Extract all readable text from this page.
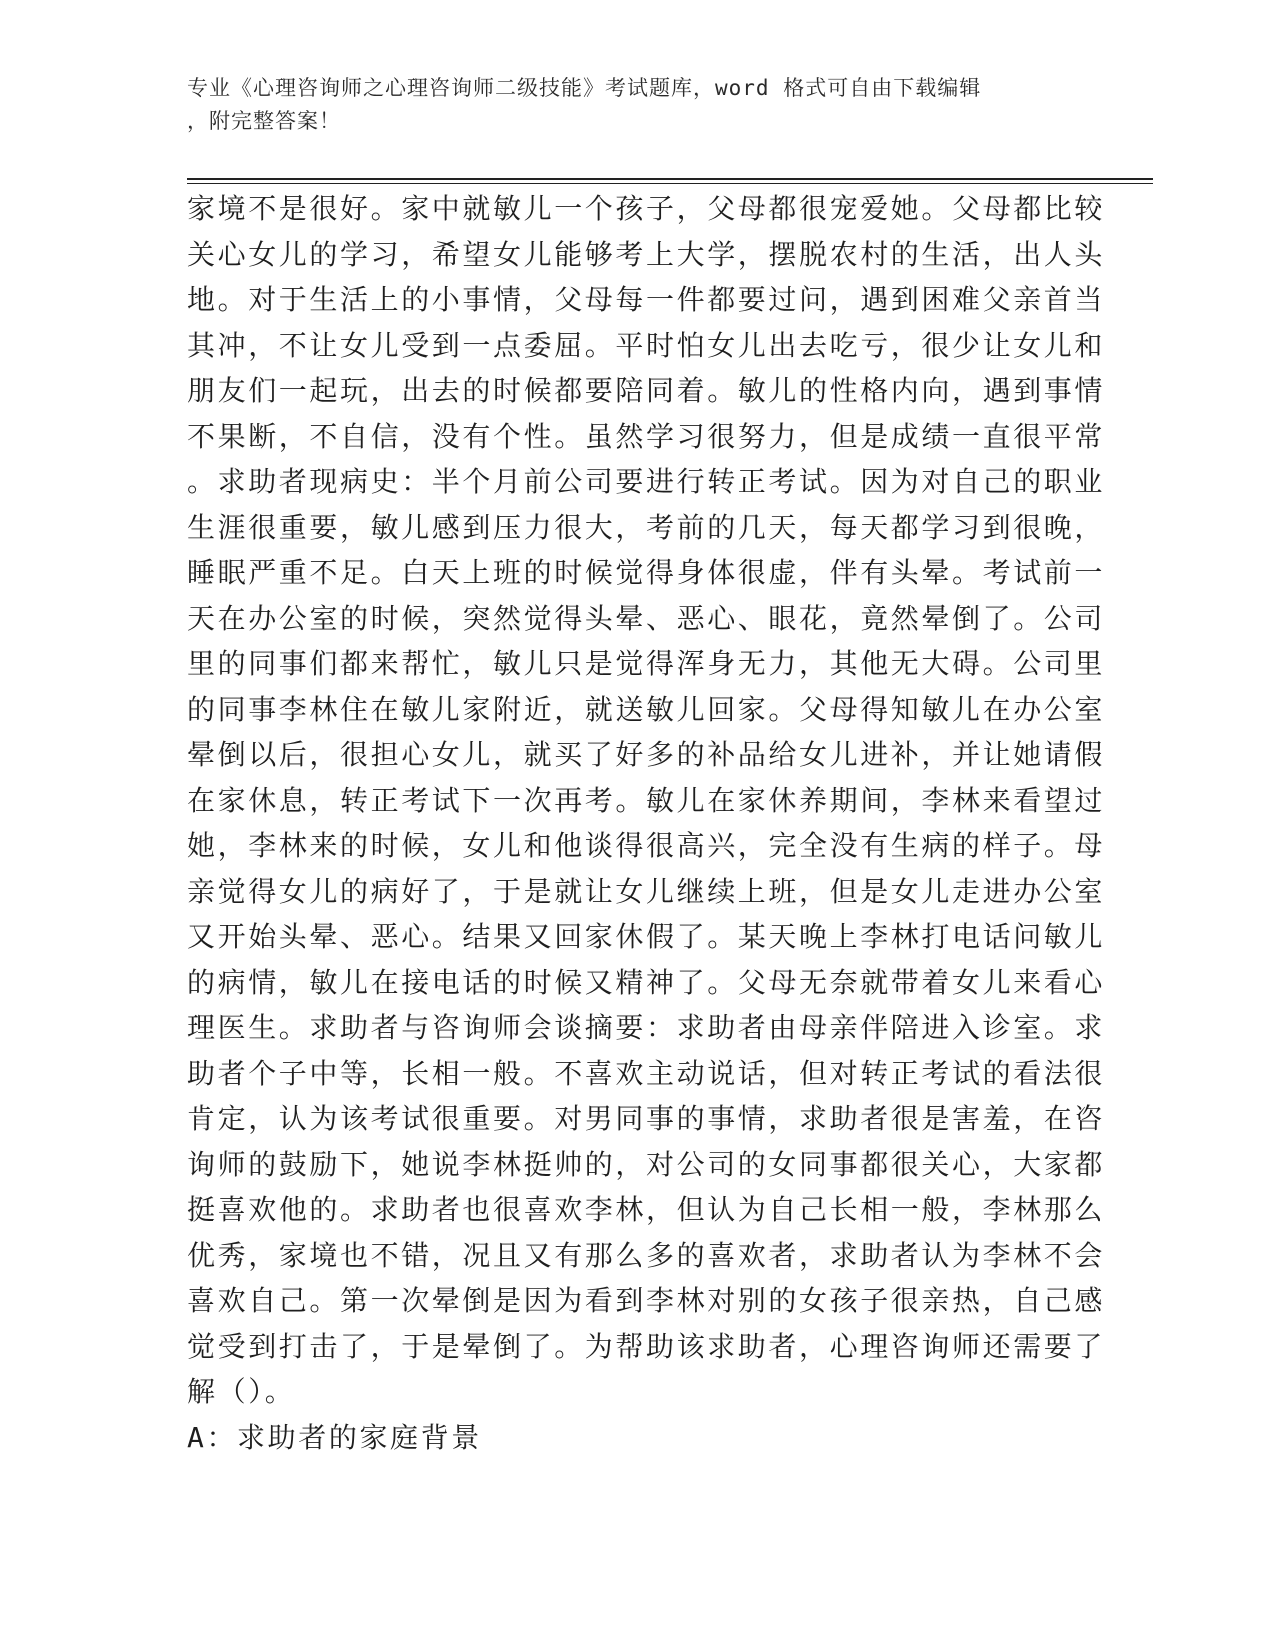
专业《心理咨询师之心理咨询师二级技能》考试题库，word 格式可自由下载编辑
，附完整答案！
家境不是很好。家中就敏儿一个孩子，父母都很宠爱她。父母都比较
关心女儿的学习，希望女儿能够考上大学，摆脱农村的生活，出人头
地。对于生活上的小事情，父母每一件都要过问，遇到困难父亲首当
其冲，不让女儿受到一点委屈。平时怕女儿出去吃亏，很少让女儿和
朋友们一起玩，出去的时候都要陪同着。敏儿的性格内向，遇到事情
不果断，不自信，没有个性。虽然学习很努力，但是成绩一直很平常
。求助者现病史：半个月前公司要进行转正考试。因为对自己的职业
生涯很重要，敏儿感到压力很大，考前的几天，每天都学习到很晚，
睡眠严重不足。白天上班的时候觉得身体很虚，伴有头晕。考试前一
天在办公室的时候，突然觉得头晕、恶心、眼花，竟然晕倒了。公司
里的同事们都来帮忙，敏儿只是觉得浑身无力，其他无大碍。公司里
的同事李林住在敏儿家附近，就送敏儿回家。父母得知敏儿在办公室
晕倒以后，很担心女儿，就买了好多的补品给女儿进补，并让她请假
在家休息，转正考试下一次再考。敏儿在家休养期间，李林来看望过
她，李林来的时候，女儿和他谈得很高兴，完全没有生病的样子。母
亲觉得女儿的病好了，于是就让女儿继续上班，但是女儿走进办公室
又开始头晕、恶心。结果又回家休假了。某天晚上李林打电话问敏儿
的病情，敏儿在接电话的时候又精神了。父母无奈就带着女儿来看心
理医生。求助者与咨询师会谈摘要：求助者由母亲伴陪进入诊室。求
助者个子中等，长相一般。不喜欢主动说话，但对转正考试的看法很
肯定，认为该考试很重要。对男同事的事情，求助者很是害羞，在咨
询师的鼓励下，她说李林挺帅的，对公司的女同事都很关心，大家都
挺喜欢他的。求助者也很喜欢李林，但认为自己长相一般，李林那么
优秀，家境也不错，况且又有那么多的喜欢者，求助者认为李林不会
喜欢自己。第一次晕倒是因为看到李林对别的女孩子很亲热，自己感
觉受到打击了，于是晕倒了。为帮助该求助者，心理咨询师还需要了
解（）。
A：求助者的家庭背景
